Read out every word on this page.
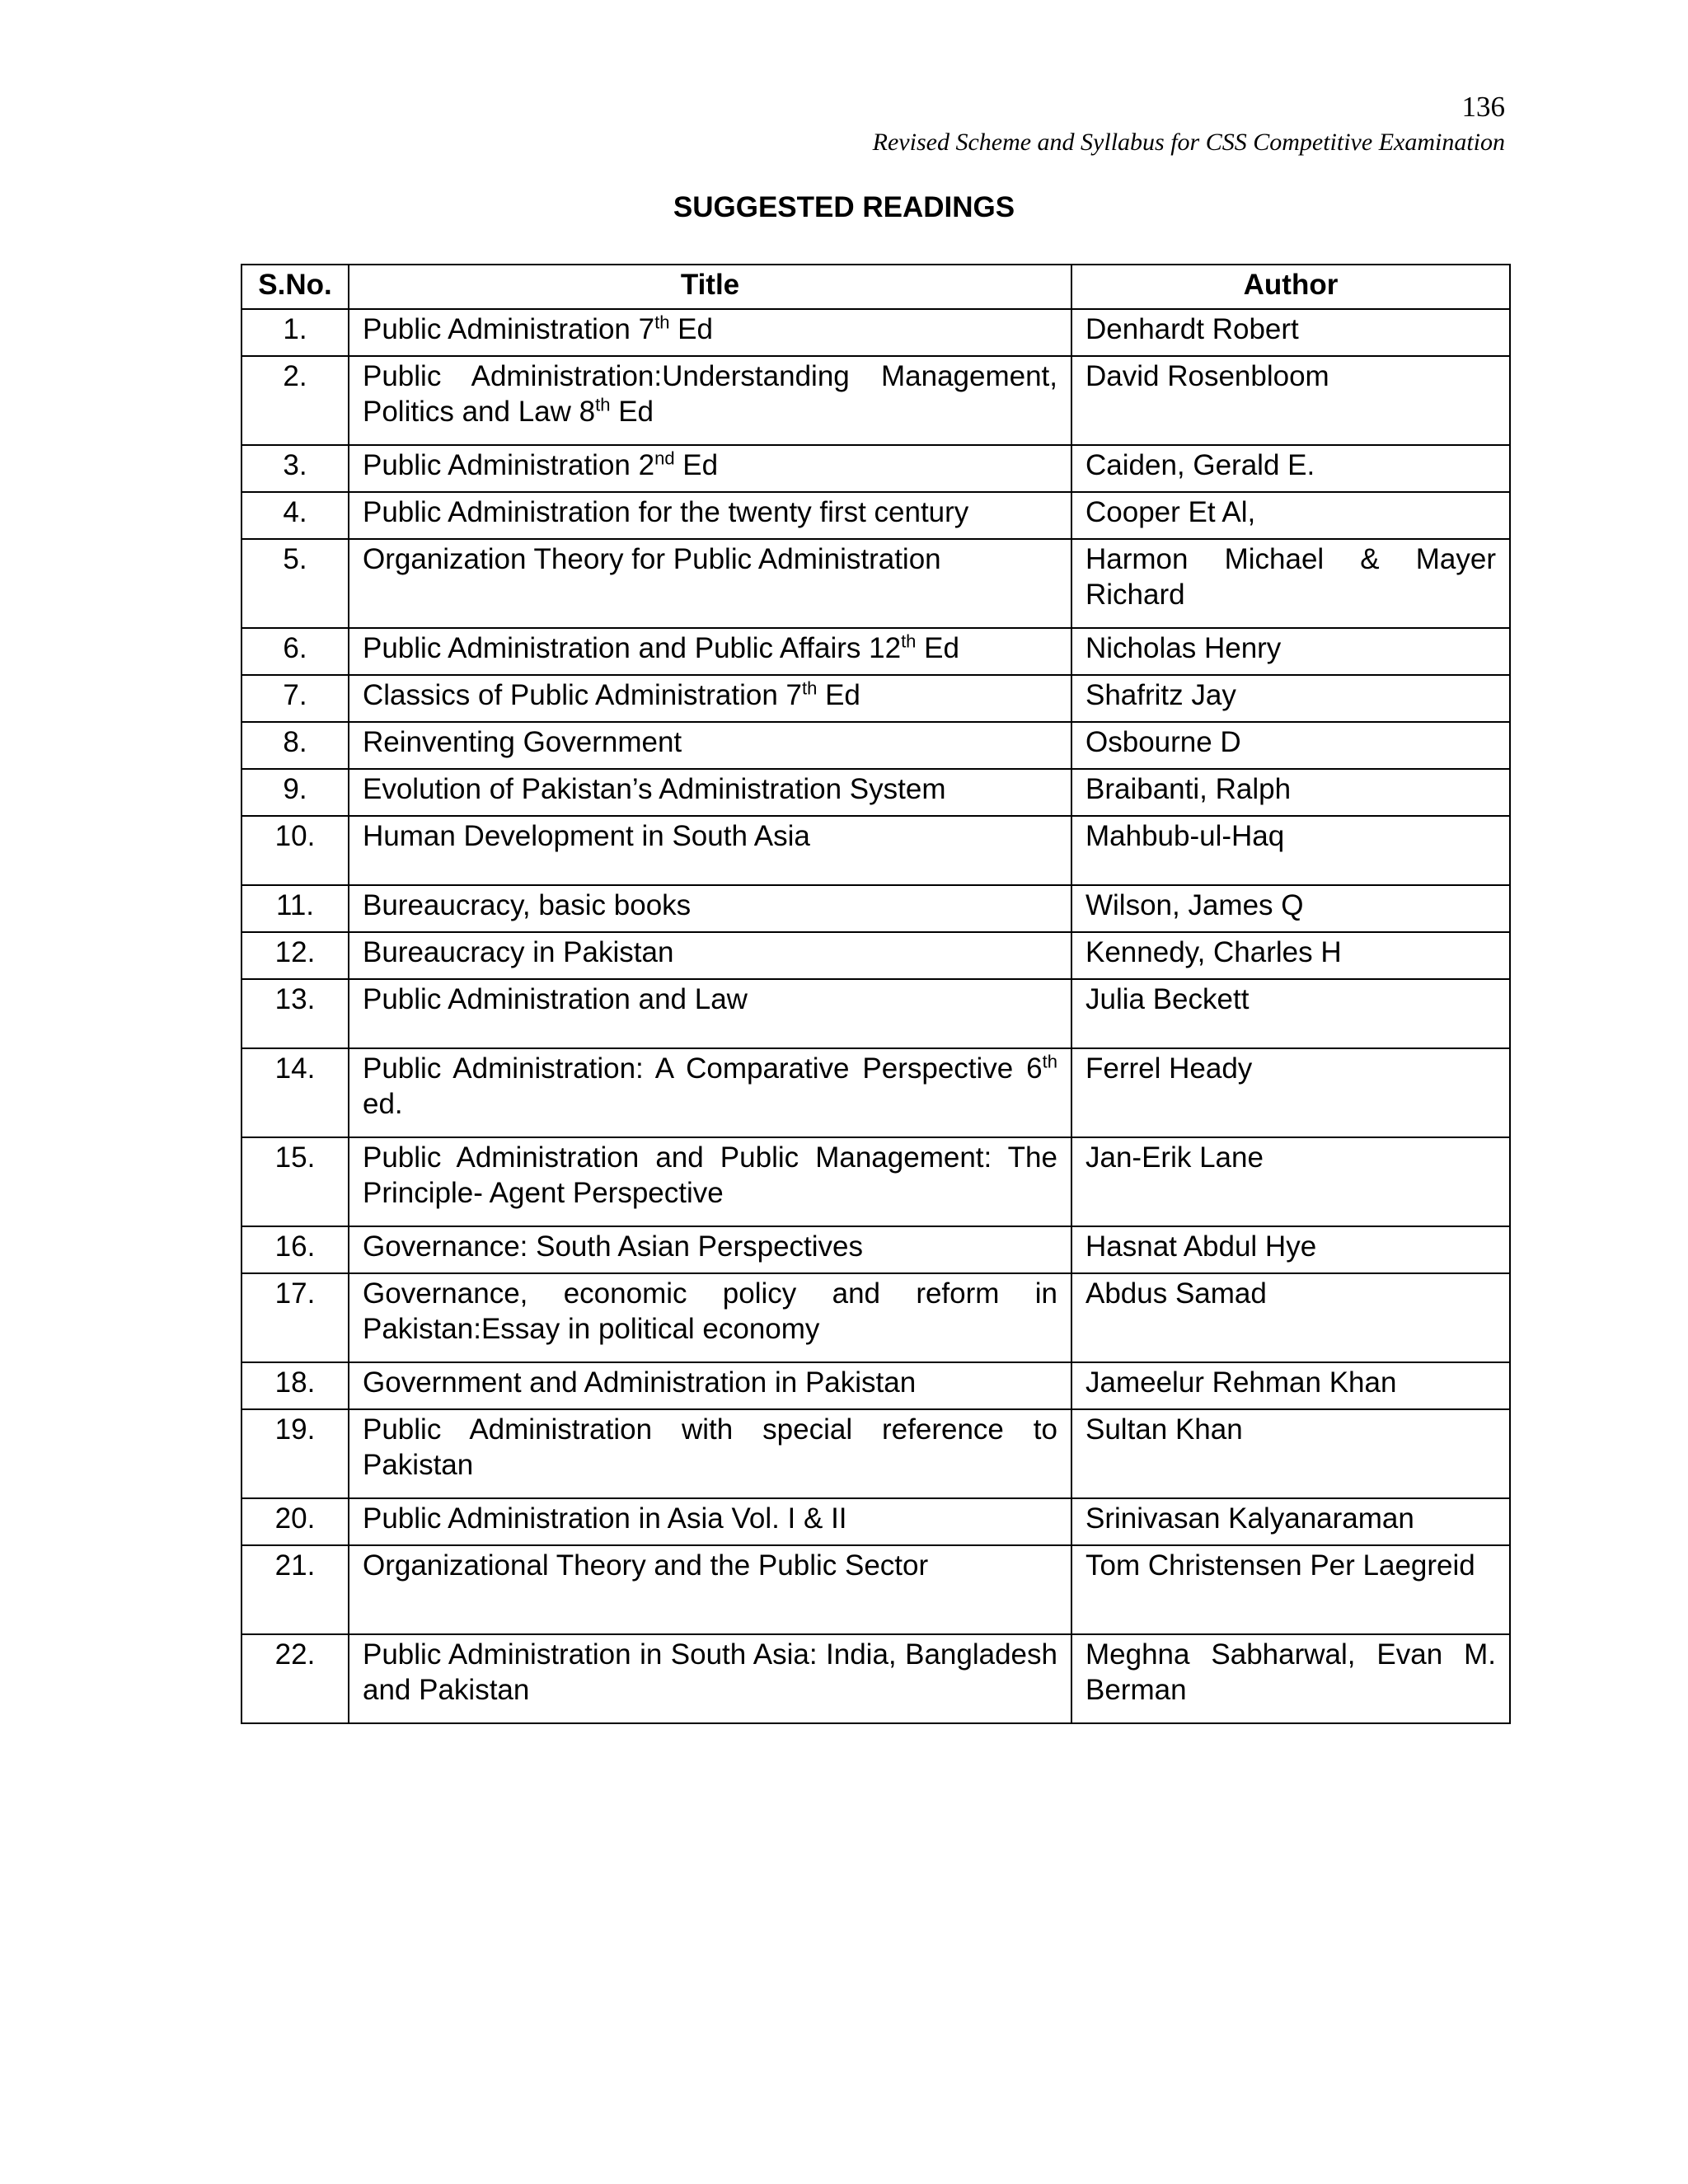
136
Revised Scheme and Syllabus for CSS Competitive Examination
SUGGESTED READINGS
S.No.	Title	Author
1.	Public Administration 7th Ed	Denhardt Robert
2.	Public Administration:Understanding Management, Politics and Law 8th Ed	David Rosenbloom
3.	Public Administration 2nd Ed	Caiden, Gerald E.
4.	Public Administration for the twenty first century	Cooper Et Al,
5.	Organization Theory for Public Administration	Harmon Michael & Mayer Richard
6.	Public Administration and Public Affairs 12th Ed	Nicholas Henry
7.	Classics of Public Administration 7th Ed	Shafritz Jay
8.	Reinventing Government	Osbourne D
9.	Evolution of Pakistan’s Administration System	Braibanti, Ralph
10.	Human Development in South Asia	Mahbub-ul-Haq
11.	Bureaucracy, basic books	Wilson, James Q
12.	Bureaucracy in Pakistan	Kennedy, Charles H
13.	Public Administration and Law	Julia Beckett
14.	Public Administration: A Comparative Perspective 6th ed.	Ferrel Heady
15.	Public Administration and Public Management: The Principle- Agent Perspective	Jan-Erik Lane
16.	Governance: South Asian Perspectives	Hasnat Abdul Hye
17.	Governance, economic policy and reform in Pakistan:Essay in political economy	Abdus Samad
18.	Government and Administration in Pakistan	Jameelur Rehman Khan
19.	Public Administration with special reference to Pakistan	Sultan Khan
20.	Public Administration in Asia Vol. I & II	Srinivasan Kalyanaraman
21.	Organizational Theory and the Public Sector	Tom Christensen Per Laegreid
22.	Public Administration in South Asia: India, Bangladesh and Pakistan	Meghna Sabharwal, Evan M. Berman
